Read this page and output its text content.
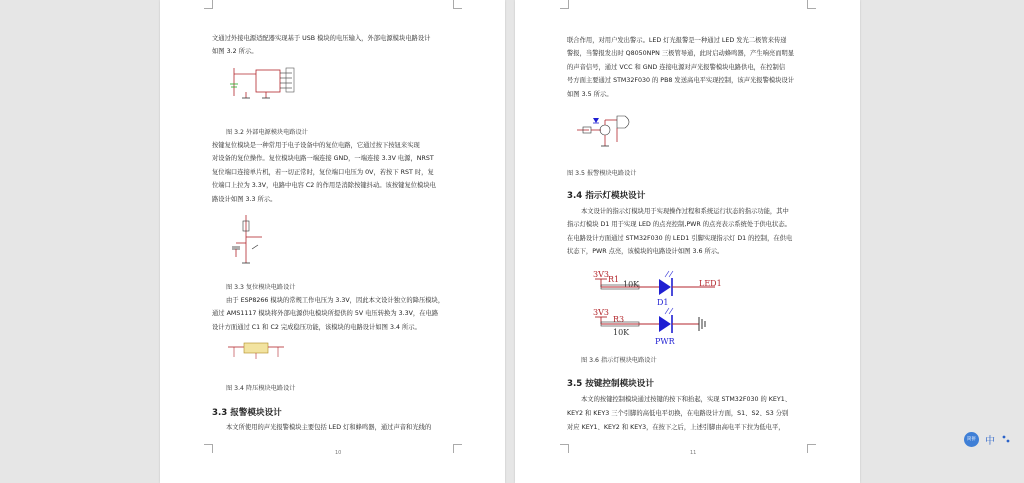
文通过外接电源适配器实现基于 USB 模块的电压输入，外部电源模块电路设计
如图 3.2 所示。
图 3.2 外部电源模块电路设计
按键复位模块是一种常用于电子设备中的复位电路，它通过按下按钮来实现
对设备的复位操作。复位模块电路一端连接 GND，一端连接 3.3V 电源，NRST
复位端口连接单片机，若一切正常时，复位端口电压为 0V，若按下 RST 时，复
位端口上拉为 3.3V，电路中电容 C2 的作用是消除按键抖动。该按键复位模块电
路设计如图 3.3 所示。
图 3.3 复位模块电路设计
由于 ESP8266 模块的常规工作电压为 3.3V，因此本文设计独立的降压模块，
通过 AMS1117 模块将外部电源供电模块所提供的 5V 电压转换为 3.3V，在电路
设计方面通过 C1 和 C2 完成稳压功能，该模块的电路设计如图 3.4 所示。
图 3.4 降压模块电路设计
3.3 报警模块设计
本文所使用的声光报警模块主要包括 LED 灯和蜂鸣器，通过声音和光线的
10
联合作用，对用户发出警示。LED 灯光报警是一种通过 LED 发光二极管来传递
警报，当警报发出时 Q8050NPN 三极管导通，此时启动蜂鸣器，产生响亮而明显
的声音信号，通过 VCC 和 GND 连接电源对声光报警模块电路供电，在控制信
号方面主要通过 STM32F030 的 PB8 发送高电平实现控制，该声光报警模块设计
如图 3.5 所示。
图 3.5 报警模块电路设计
3.4 指示灯模块设计
本文设计的指示灯模块用于实现操作过程和系统运行状态的指示功能，其中
指示灯模块 D1 用于实现 LED 的点亮控制,PWR 的点亮表示系统处于供电状态。
在电路设计方面通过 STM32F030 的 LED1 引脚实现指示灯 D1 的控制，在供电
状态下，PWR 点亮，该模块的电路设计如图 3.6 所示。
3V3
R1
10K
D1
LED1
3V3
R3
10K
PWR
图 3.6 指示灯模块电路设计
3.5 按键控制模块设计
本文的按键控制模块通过按键的按下和抬起，实现 STM32F030 的 KEY1、
KEY2 和 KEY3 三个引脚的高低电平切换，在电路设计方面，S1、S2、S3 分别
对应 KEY1、KEY2 和 KEY3，在按下之后，上述引脚由高电平下拉为低电平，
11
简拼 中
